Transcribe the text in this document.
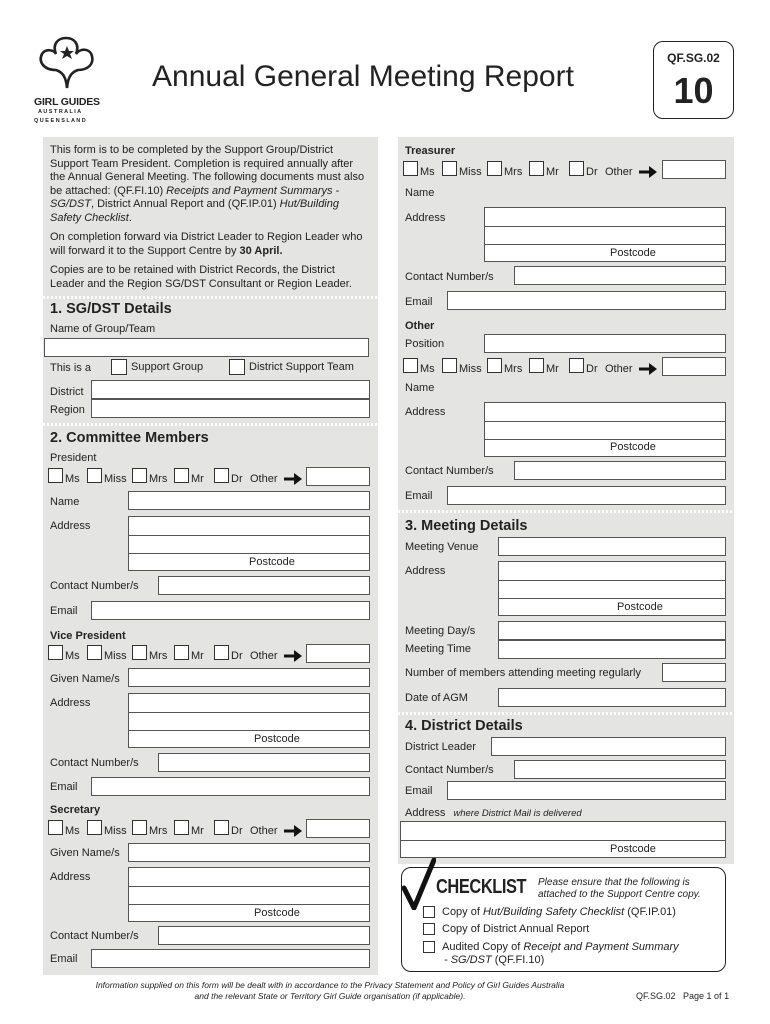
GIRL GUIDES
A U S T R A L I A
Q U E E N S L A N D
Annual General Meeting Report
QF.SG.02
10

This form is to be completed by the Support Group/District Support Team President. Completion is required annually after the Annual General Meeting. The following documents must also be attached: (QF.FI.10) Receipts and Payment Summarys - SG/DST, District Annual Report and (QF.IP.01) Hut/Building Safety Checklist.

On completion forward via District Leader to Region Leader who will forward it to the Support Centre by 30 April.

Copies are to be retained with District Records, the District Leader and the Region SG/DST Consultant or Region Leader.

1. SG/DST Details
Name of Group/Team
This is a	Support Group	District Support Team
District
Region
2. Committee Members
President
Name
Address
Postcode
Contact Number/s
Email
Vice President
Given Name/s
Address
Postcode
Contact Number/s
Email
Secretary
Given Name/s
Address
Postcode
Contact Number/s
Email
Treasurer
Name
Address
Postcode
Contact Number/s
Email
Other
Position
Name
Address
Postcode
Contact Number/s
Email
3. Meeting Details
Meeting Venue
Address
Postcode
Meeting Day/s
Meeting Time
Number of members attending meeting regularly
Date of AGM
4. District Details
District Leader
Contact Number/s
Email
Address where District Mail is delivered
Postcode
CHECKLIST Please ensure that the following is attached to the Support Centre copy.
Copy of Hut/Building Safety Checklist (QF.IP.01)
Copy of District Annual Report
Audited Copy of Receipt and Payment Summary
- SG/DST (QF.FI.10)
Information supplied on this form will be dealt with in accordance to the Privacy Statement and Policy of Girl Guides Australia
and the relevant State or Territory Girl Guide organisation (if applicable).	QF.SG.02 Page 1 of 1
Ms Miss Mrs Mr Dr Other
Ms Miss Mrs Mr Dr Other
Ms Miss Mrs Mr Dr Other
Ms Miss Mrs Mr Dr Other
Ms Miss Mrs Mr Dr Other
